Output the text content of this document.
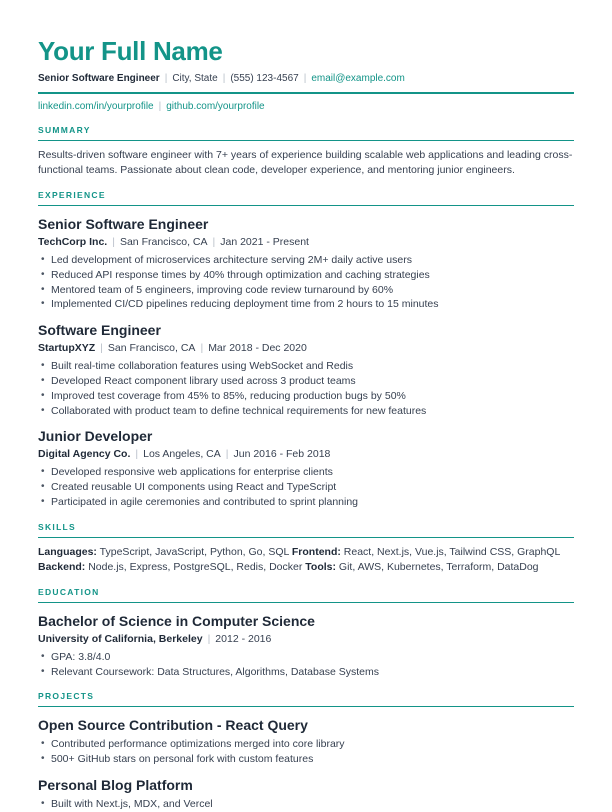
Your Full Name

Senior Software Engineer | City, State | (555) 123-4567 | email@example.com

linkedin.com/in/yourprofile | github.com/yourprofile

SUMMARY

Results-driven software engineer with 7+ years of experience building scalable web applications and leading cross-functional teams. Passionate about clean code, developer experience, and mentoring junior engineers.

EXPERIENCE
Senior Software Engineer

TechCorp Inc. | San Francisco, CA | Jan 2021 - Present

• Led development of microservices architecture serving 2M+ daily active users
• Reduced API response times by 40% through optimization and caching strategies
• Mentored team of 5 engineers, improving code review turnaround by 60%
• Implemented CI/CD pipelines reducing deployment time from 2 hours to 15 minutes
Software Engineer

StartupXYZ | San Francisco, CA | Mar 2018 - Dec 2020

• Built real-time collaboration features using WebSocket and Redis
• Developed React component library used across 3 product teams
• Improved test coverage from 45% to 85%, reducing production bugs by 50%
• Collaborated with product team to define technical requirements for new features
Junior Developer

Digital Agency Co. | Los Angeles, CA | Jun 2016 - Feb 2018

• Developed responsive web applications for enterprise clients
• Created reusable UI components using React and TypeScript
• Participated in agile ceremonies and contributed to sprint planning
SKILLS

Languages: TypeScript, JavaScript, Python, Go, SQL Frontend: React, Next.js, Vue.js, Tailwind CSS, GraphQL

Backend: Node.js, Express, PostgreSQL, Redis, Docker Tools: Git, AWS, Kubernetes, Terraform, DataDog

EDUCATION
Bachelor of Science in Computer Science

University of California, Berkeley | 2012 - 2016

• GPA: 3.8/4.0
• Relevant Coursework: Data Structures, Algorithms, Database Systems
PROJECTS
Open Source Contribution - React Query
• Contributed performance optimizations merged into core library
• 500+ GitHub stars on personal fork with custom features
Personal Blog Platform
• Built with Next.js, MDX, and Vercel
